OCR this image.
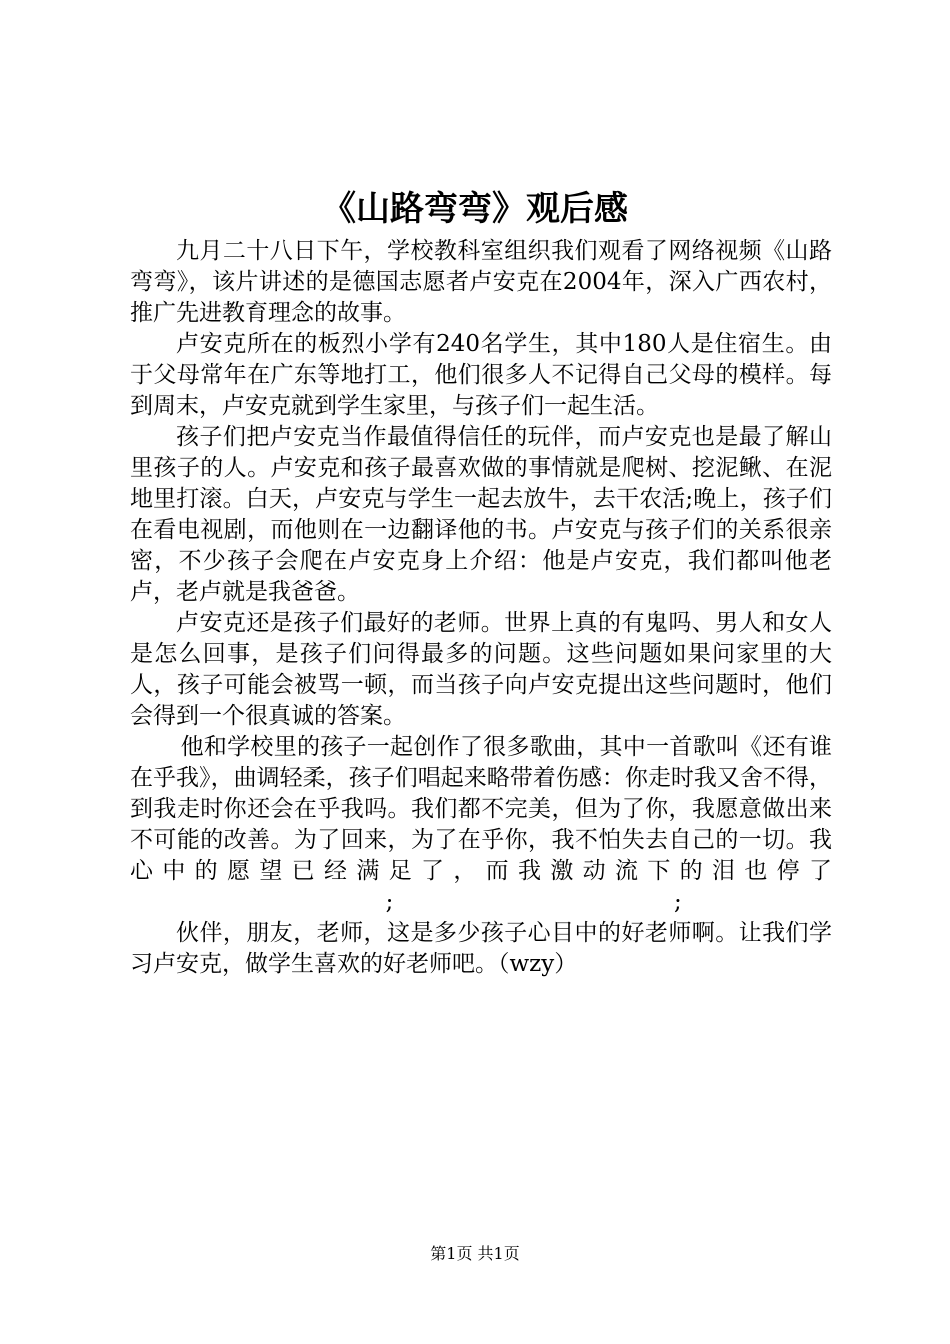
《山路弯弯》观后感

九月二十八日下午，学校教科室组织我们观看了网络视频《山路弯弯》，该片讲述的是德国志愿者卢安克在2004年，深入广西农村，推广先进教育理念的故事。

卢安克所在的板烈小学有240名学生，其中180人是住宿生。由于父母常年在广东等地打工，他们很多人不记得自己父母的模样。每到周末，卢安克就到学生家里，与孩子们一起生活。

孩子们把卢安克当作最值得信任的玩伴，而卢安克也是最了解山里孩子的人。卢安克和孩子最喜欢做的事情就是爬树、挖泥鳅、在泥地里打滚。白天，卢安克与学生一起去放牛，去干农活;晚上，孩子们在看电视剧，而他则在一边翻译他的书。卢安克与孩子们的关系很亲密，不少孩子会爬在卢安克身上介绍：他是卢安克，我们都叫他老卢，老卢就是我爸爸。

卢安克还是孩子们最好的老师。世界上真的有鬼吗、男人和女人是怎么回事，是孩子们问得最多的问题。这些问题如果问家里的大人，孩子可能会被骂一顿，而当孩子向卢安克提出这些问题时，他们会得到一个很真诚的答案。

他和学校里的孩子一起创作了很多歌曲，其中一首歌叫《还有谁在乎我》，曲调轻柔，孩子们唱起来略带着伤感：你走时我又舍不得，到我走时你还会在乎我吗。我们都不完美，但为了你，我愿意做出来不可能的改善。为了回来，为了在乎你，我不怕失去自己的一切。我心中的愿望已经满足了，而我激动流下的泪也停了;	;

伙伴，朋友，老师，这是多少孩子心目中的好老师啊。让我们学习卢安克，做学生喜欢的好老师吧。（wzy）

第1页 共1页
